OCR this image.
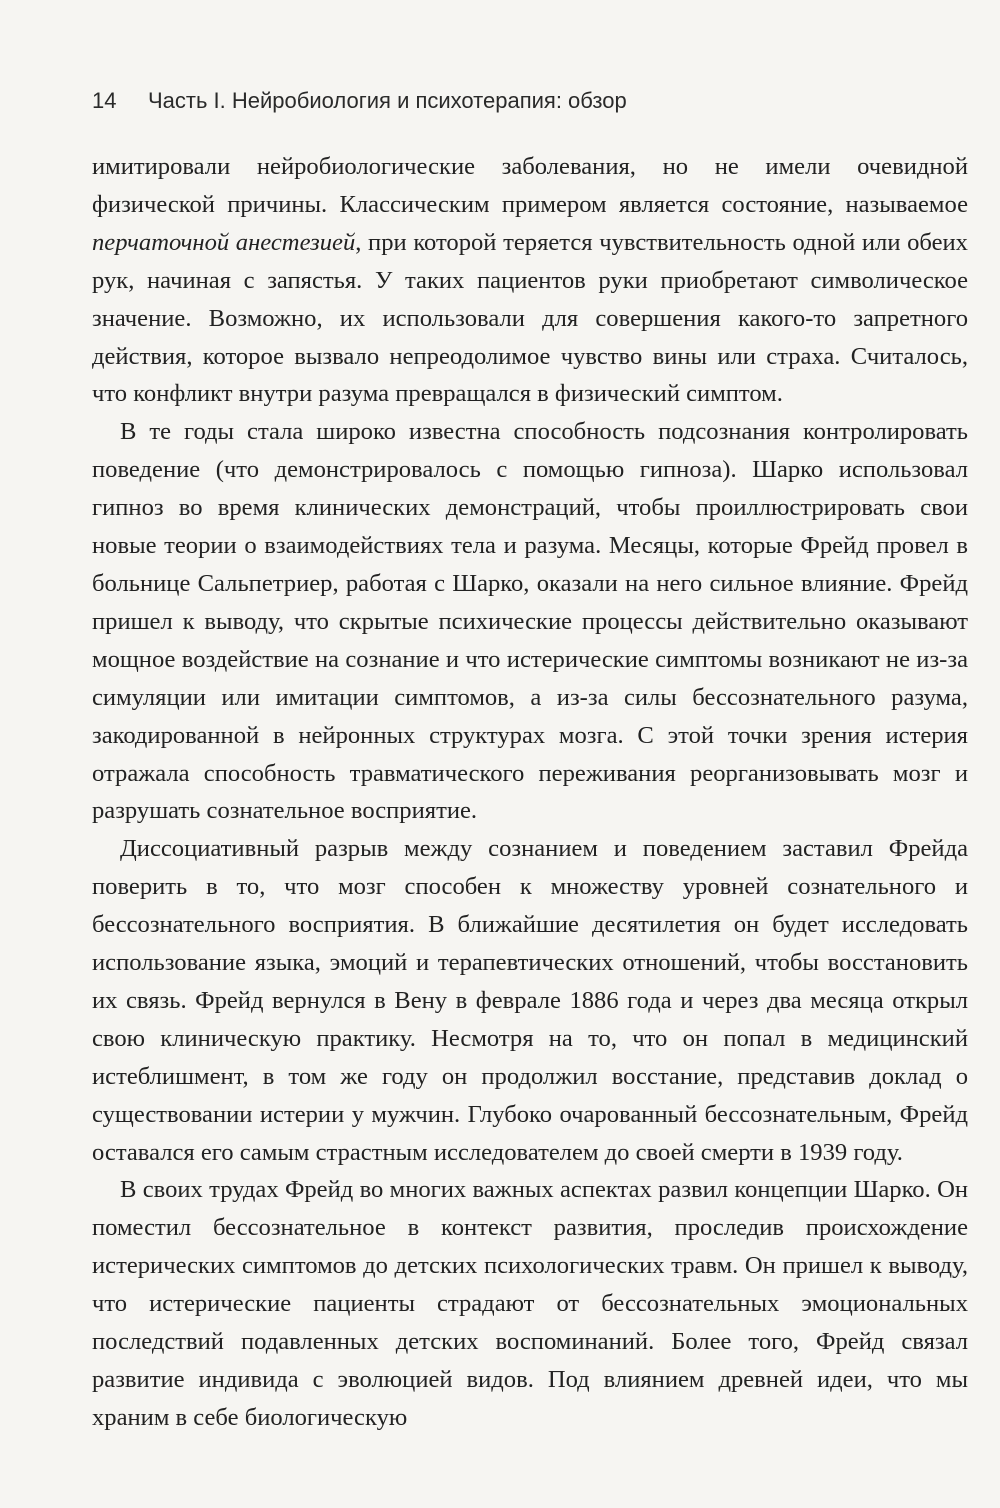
14 Часть I. Нейробиология и психотерапия: обзор

имитировали нейробиологические заболевания, но не имели очевидной физической причины. Классическим примером является состояние, называемое перчаточной анестезией, при которой теряется чувствительность одной или обеих рук, начиная с запястья. У таких пациентов руки приобретают символическое значение. Возможно, их использовали для совершения какого-то запретного действия, которое вызвало непреодолимое чувство вины или страха. Считалось, что конфликт внутри разума превращался в физический симптом.

В те годы стала широко известна способность подсознания контролировать поведение (что демонстрировалось с помощью гипноза). Шарко использовал гипноз во время клинических демонстраций, чтобы проиллюстрировать свои новые теории о взаимодействиях тела и разума. Месяцы, которые Фрейд провел в больнице Сальпетриер, работая с Шарко, оказали на него сильное влияние. Фрейд пришел к выводу, что скрытые психические процессы действительно оказывают мощное воздействие на сознание и что истерические симптомы возникают не из-за симуляции или имитации симптомов, а из-за силы бессознательного разума, закодированной в нейронных структурах мозга. С этой точки зрения истерия отражала способность травматического переживания реорганизовывать мозг и разрушать сознательное восприятие.

Диссоциативный разрыв между сознанием и поведением заставил Фрейда поверить в то, что мозг способен к множеству уровней сознательного и бессознательного восприятия. В ближайшие десятилетия он будет исследовать использование языка, эмоций и терапевтических отношений, чтобы восстановить их связь. Фрейд вернулся в Вену в феврале 1886 года и через два месяца открыл свою клиническую практику. Несмотря на то, что он попал в медицинский истеблишмент, в том же году он продолжил восстание, представив доклад о существовании истерии у мужчин. Глубоко очарованный бессознательным, Фрейд оставался его самым страстным исследователем до своей смерти в 1939 году.

В своих трудах Фрейд во многих важных аспектах развил концепции Шарко. Он поместил бессознательное в контекст развития, проследив происхождение истерических симптомов до детских психологических травм. Он пришел к выводу, что истерические пациенты страдают от бессознательных эмоциональных последствий подавленных детских воспоминаний. Более того, Фрейд связал развитие индивида с эволюцией видов. Под влиянием древней идеи, что мы храним в себе биологическую
